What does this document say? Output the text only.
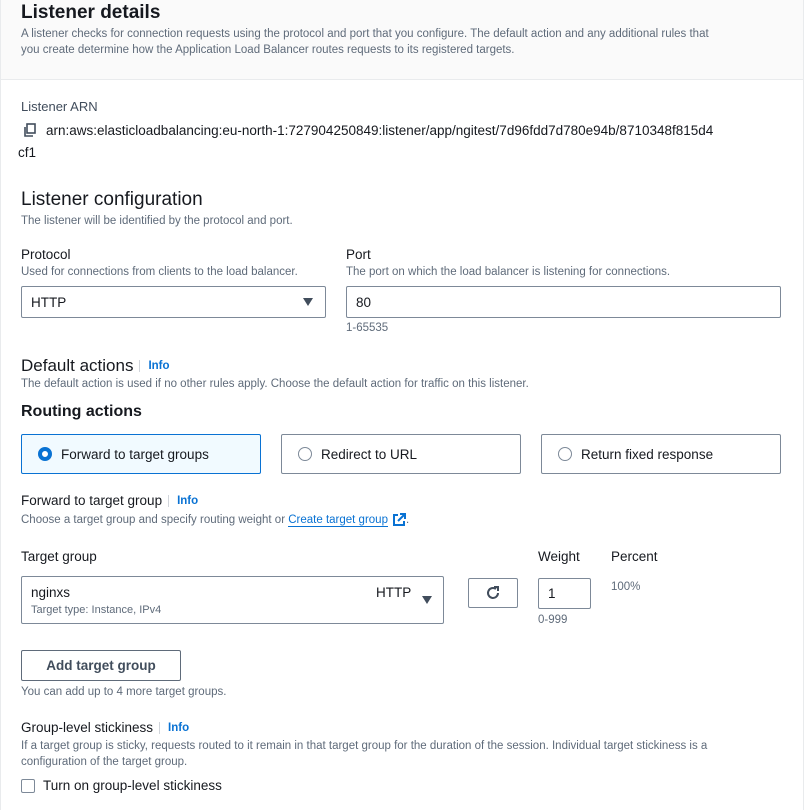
Listener details
A listener checks for connection requests using the protocol and port that you configure. The default action and any additional rules that
you create determine how the Application Load Balancer routes requests to its registered targets.
Listener ARN
arn:aws:elasticloadbalancing:eu-north-1:727904250849:listener/app/ngitest/7d96fdd7d780e94b/8710348f815d4
cf1
Listener configuration
The listener will be identified by the protocol and port.
Protocol
Used for connections from clients to the load balancer.
HTTP
Port
The port on which the load balancer is listening for connections.
80
1-65535
Default actions	Info
The default action is used if no other rules apply. Choose the default action for traffic on this listener.
Routing actions
Forward to target groups	Redirect to URL	Return fixed response
Forward to target group	Info
Choose a target group and specify routing weight or
Create target group .
Target group	Weight Percent
nginxs
Target type: Instance, IPv4
HTTP	1
0-999
100%
Add target group
You can add up to 4 more target groups.
Group-level stickiness	Info
If a target group is sticky, requests routed to it remain in that target group for the duration of the session. Individual target stickiness is a
configuration of the target group.
Turn on group-level stickiness
